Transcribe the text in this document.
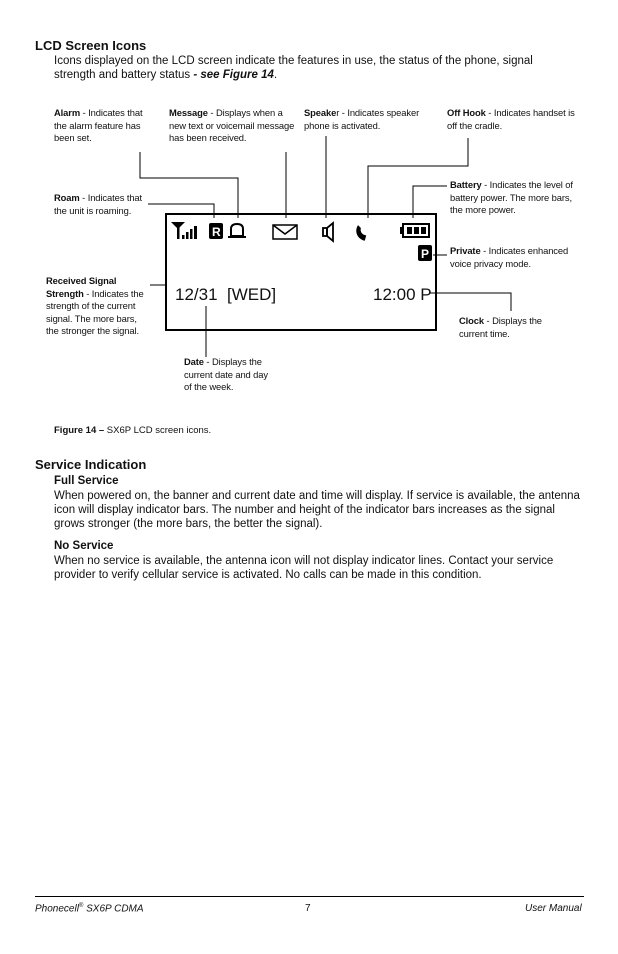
LCD Screen Icons
Icons displayed on the LCD screen indicate the features in use, the status of the phone, signal strength and battery status - see Figure 14.
R
P
12/31  [WED]	12:00 P
Alarm - Indicates that the alarm feature has been set.
Message - Displays when a new text or voicemail message has been received.
Speaker - Indicates speaker phone is activated.
Off Hook - Indicates handset is off the cradle.
Roam - Indicates that the unit is roaming.
Battery - Indicates the level of battery power. The more bars, the more power.
Private - Indicates enhanced voice privacy mode.
Received Signal Strength - Indicates the strength of the current signal. The more bars, the stronger the signal.
Clock - Displays the current time.
Date - Displays the current date and day of the week.
Figure 14 – SX6P LCD screen icons.
Service Indication
Full Service
When powered on, the banner and current date and time will display. If service is available, the antenna icon will display indicator bars. The number and height of the indicator bars increases as the signal grows stronger (the more bars, the better the signal).
No Service
When no service is available, the antenna icon will not display indicator lines. Contact your service provider to verify cellular service is activated. No calls can be made in this condition.
Phonecell® SX6P CDMA	7	User Manual
